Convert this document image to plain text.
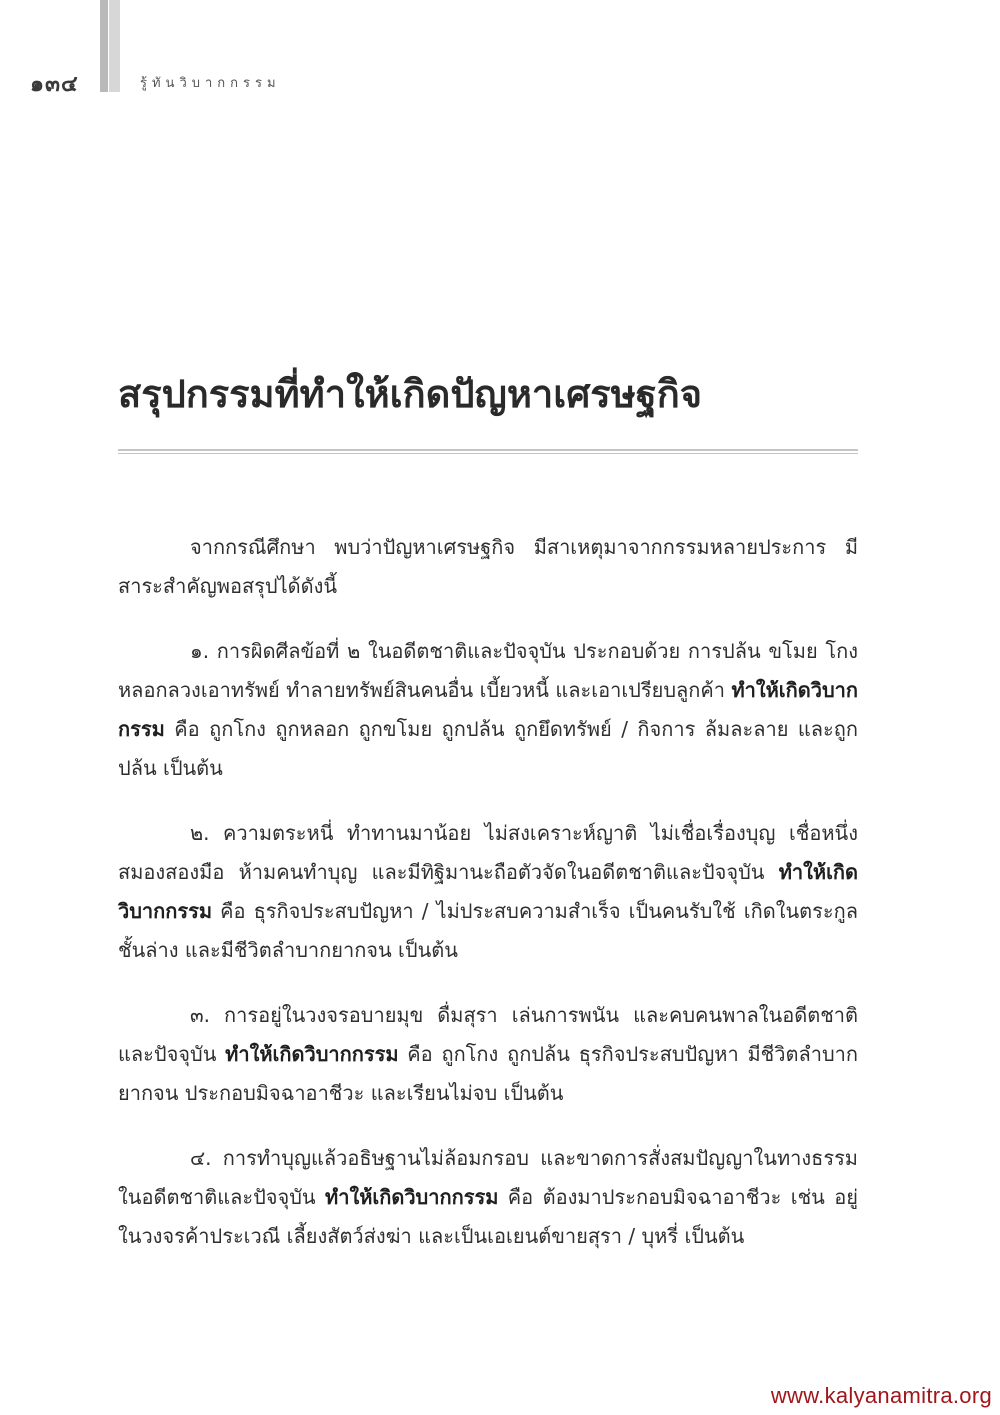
๑๓๔	รู้ทันวิบากกรรม
สรุปกรรมที่ทำให้เกิดปัญหาเศรษฐกิจ

จากกรณีศึกษา พบว่าปัญหาเศรษฐกิจ มีสาเหตุมาจากกรรมหลายประการ มีสาระสำคัญพอสรุปได้ดังนี้

๑. การผิดศีลข้อที่ ๒ ในอดีตชาติและปัจจุบัน ประกอบด้วย การปล้น ขโมย โกง หลอกลวงเอาทรัพย์ ทำลายทรัพย์สินคนอื่น เบี้ยวหนี้ และเอาเปรียบลูกค้า ทำให้เกิดวิบากกรรม คือ ถูกโกง ถูกหลอก ถูกขโมย ถูกปล้น ถูกยึดทรัพย์ / กิจการ ล้มละลาย และถูกปล้น เป็นต้น

๒. ความตระหนี่ ทำทานมาน้อย ไม่สงเคราะห์ญาติ ไม่เชื่อเรื่องบุญ เชื่อหนึ่งสมองสองมือ ห้ามคนทำบุญ และมีทิฐิมานะถือตัวจัดในอดีตชาติและปัจจุบัน ทำให้เกิดวิบากกรรม คือ ธุรกิจประสบปัญหา / ไม่ประสบความสำเร็จ เป็นคนรับใช้ เกิดในตระกูลชั้นล่าง และมีชีวิตลำบากยากจน เป็นต้น

๓. การอยู่ในวงจรอบายมุข ดื่มสุรา เล่นการพนัน และคบคนพาลในอดีตชาติและปัจจุบัน ทำให้เกิดวิบากกรรม คือ ถูกโกง ถูกปล้น ธุรกิจประสบปัญหา มีชีวิตลำบากยากจน ประกอบมิจฉาอาชีวะ และเรียนไม่จบ เป็นต้น

๔. การทำบุญแล้วอธิษฐานไม่ล้อมกรอบ และขาดการสั่งสมปัญญาในทางธรรมในอดีตชาติและปัจจุบัน ทำให้เกิดวิบากกรรม คือ ต้องมาประกอบมิจฉาอาชีวะ เช่น อยู่ในวงจรค้าประเวณี เลี้ยงสัตว์ส่งฆ่า และเป็นเอเยนต์ขายสุรา / บุหรี่ เป็นต้น

www.kalyanamitra.org
